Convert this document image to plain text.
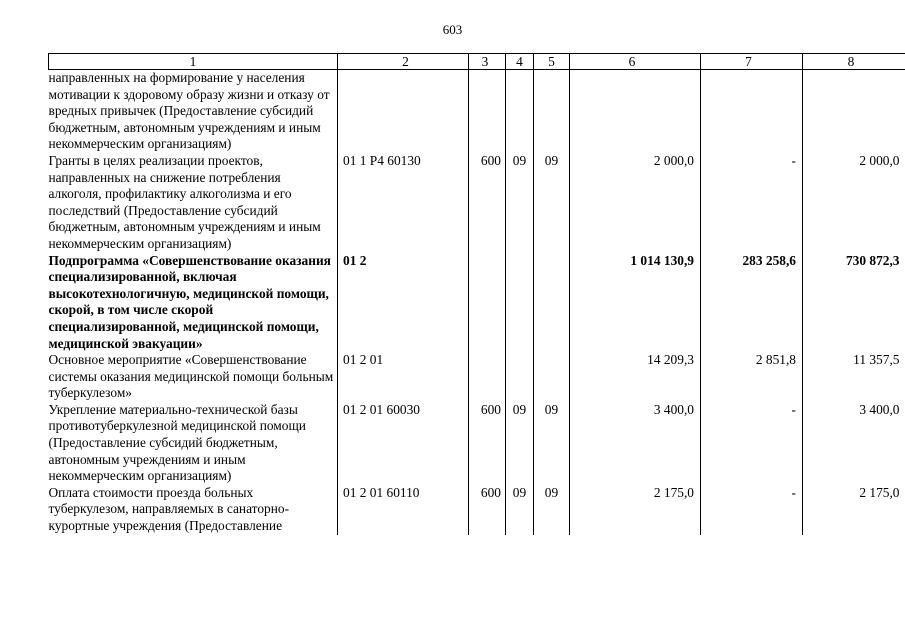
603
1	2	3	4	5	6	7	8
направленных на формирование у населения мотивации к здоровому образу жизни и отказу от вредных привычек (Предоставление субсидий бюджетным, автономным учреждениям и иным некоммерческим организациям)							
Гранты в целях реализации проектов, направленных на снижение потребления алкоголя, профилактику алкоголизма и его последствий (Предоставление субсидий бюджетным, автономным учреждениям и иным некоммерческим организациям)	01 1 Р4 60130	600	09	09	2 000,0	-	2 000,0
Подпрограмма «Совершенствование оказания специализированной, включая высокотехнологичную, медицинской помощи, скорой, в том числе скорой специализированной, медицинской помощи, медицинской эвакуации»	01 2				1 014 130,9	283 258,6	730 872,3
Основное мероприятие «Совершенствование системы оказания медицинской помощи больным туберкулезом»	01 2 01				14 209,3	2 851,8	11 357,5
Укрепление материально-технической базы противотуберкулезной медицинской помощи (Предоставление субсидий бюджетным, автономным учреждениям и иным некоммерческим организациям)	01 2 01 60030	600	09	09	3 400,0	-	3 400,0
Оплата стоимости проезда больных туберкулезом, направляемых в санаторно-курортные учреждения (Предоставление	01 2 01 60110	600	09	09	2 175,0	-	2 175,0
